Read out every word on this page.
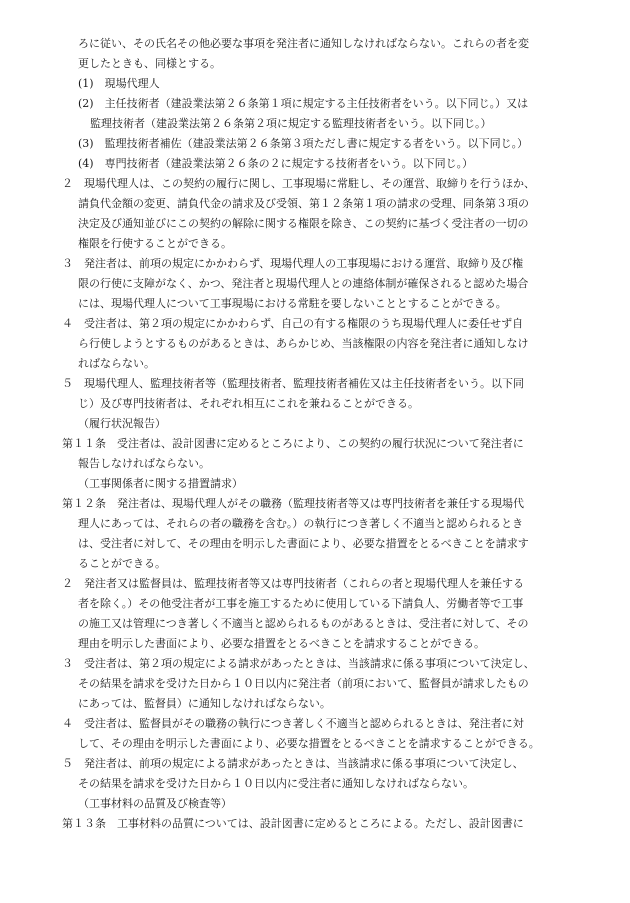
ろに従い、その氏名その他必要な事項を発注者に通知しなければならない。これらの者を変
更したときも、同様とする。
(1)　現場代理人
(2)　主任技術者（建設業法第２６条第１項に規定する主任技術者をいう。以下同じ。）又は
監理技術者（建設業法第２６条第２項に規定する監理技術者をいう。以下同じ。）
(3)　監理技術者補佐（建設業法第２６条第３項ただし書に規定する者をいう。以下同じ。）
(4)　専門技術者（建設業法第２６条の２に規定する技術者をいう。以下同じ。）
２　現場代理人は、この契約の履行に関し、工事現場に常駐し、その運営、取締りを行うほか、
請負代金額の変更、請負代金の請求及び受領、第１２条第１項の請求の受理、同条第３項の
決定及び通知並びにこの契約の解除に関する権限を除き、この契約に基づく受注者の一切の
権限を行使することができる。
３　発注者は、前項の規定にかかわらず、現場代理人の工事現場における運営、取締り及び権
限の行使に支障がなく、かつ、発注者と現場代理人との連絡体制が確保されると認めた場合
には、現場代理人について工事現場における常駐を要しないこととすることができる。
４　受注者は、第２項の規定にかかわらず、自己の有する権限のうち現場代理人に委任せず自
ら行使しようとするものがあるときは、あらかじめ、当該権限の内容を発注者に通知しなけ
ればならない。
５　現場代理人、監理技術者等（監理技術者、監理技術者補佐又は主任技術者をいう。以下同
じ）及び専門技術者は、それぞれ相互にこれを兼ねることができる。
（履行状況報告）
第１１条　受注者は、設計図書に定めるところにより、この契約の履行状況について発注者に
報告しなければならない。
（工事関係者に関する措置請求）
第１２条　発注者は、現場代理人がその職務（監理技術者等又は専門技術者を兼任する現場代
理人にあっては、それらの者の職務を含む。）の執行につき著しく不適当と認められるとき
は、受注者に対して、その理由を明示した書面により、必要な措置をとるべきことを請求す
ることができる。
２　発注者又は監督員は、監理技術者等又は専門技術者（これらの者と現場代理人を兼任する
者を除く。）その他受注者が工事を施工するために使用している下請負人、労働者等で工事
の施工又は管理につき著しく不適当と認められるものがあるときは、受注者に対して、その
理由を明示した書面により、必要な措置をとるべきことを請求することができる。
３　受注者は、第２項の規定による請求があったときは、当該請求に係る事項について決定し、
その結果を請求を受けた日から１０日以内に発注者（前項において、監督員が請求したもの
にあっては、監督員）に通知しなければならない。
４　受注者は、監督員がその職務の執行につき著しく不適当と認められるときは、発注者に対
して、その理由を明示した書面により、必要な措置をとるべきことを請求することができる。
５　発注者は、前項の規定による請求があったときは、当該請求に係る事項について決定し、
その結果を請求を受けた日から１０日以内に受注者に通知しなければならない。
（工事材料の品質及び検査等）
第１３条　工事材料の品質については、設計図書に定めるところによる。ただし、設計図書に
